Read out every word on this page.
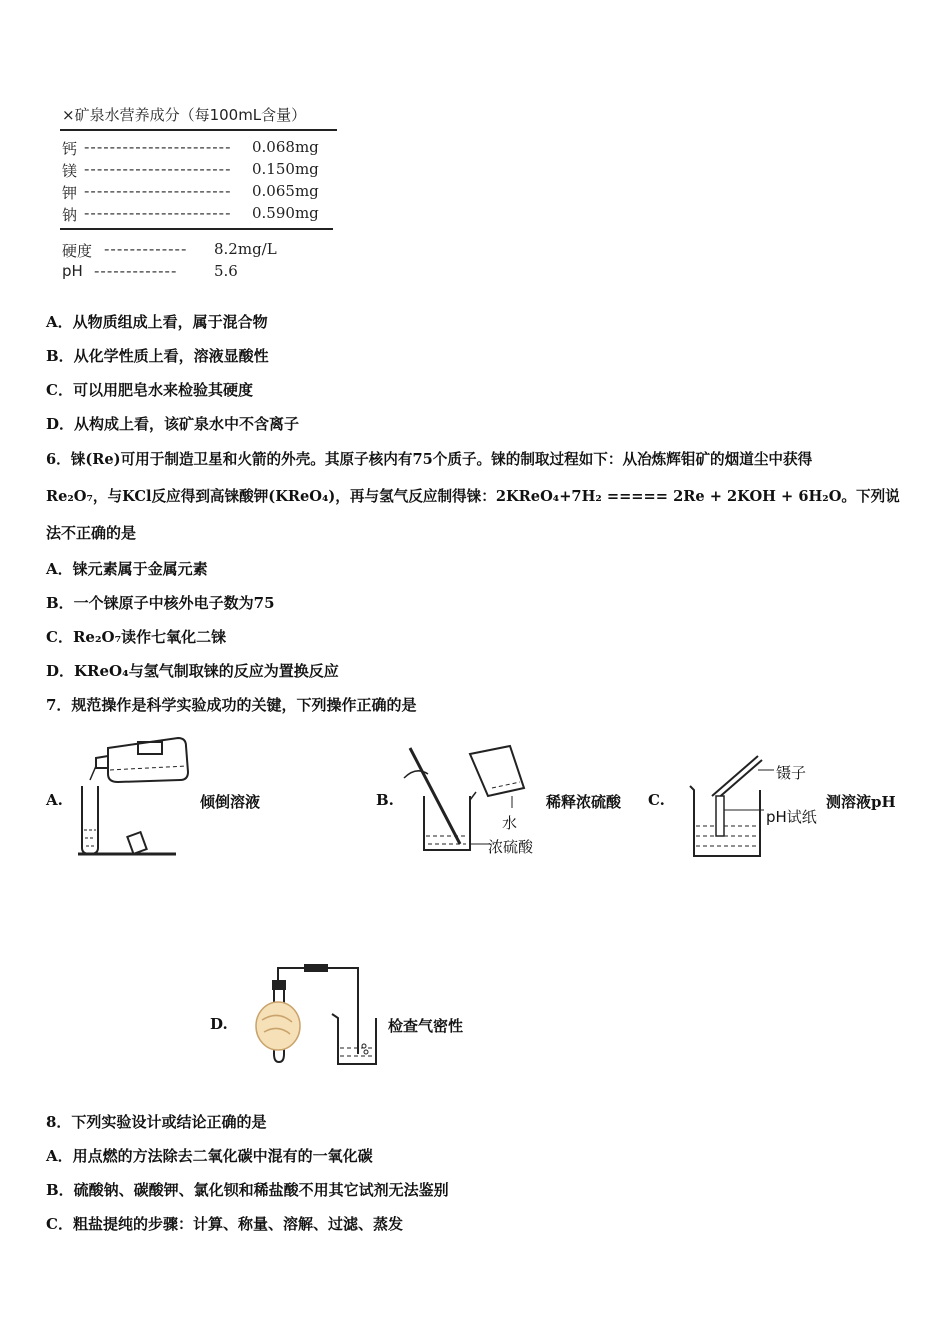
×矿泉水营养成分（每100mL含量）
钙 ----------------------- 0.068mg
镁 ----------------------- 0.150mg
钾 ----------------------- 0.065mg
钠 ----------------------- 0.590mg
硬度 ------------- 8.2mg/L
pH ------------- 5.6
A．从物质组成上看，属于混合物
B．从化学性质上看，溶液显酸性
C．可以用肥皂水来检验其硬度
D．从构成上看，该矿泉水中不含离子
6．铼(Re)可用于制造卫星和火箭的外壳。其原子核内有75个质子。铼的制取过程如下：从冶炼辉钼矿的烟道尘中获得
Re₂O₇，与KCl反应得到高铼酸钾(KReO₄)，再与氢气反应制得铼：2KReO₄+7H₂ ===== 2Re + 2KOH + 6H₂O。下列说
法不正确的是
A．铼元素属于金属元素
B．一个铼原子中核外电子数为75
C．Re₂O₇读作七氧化二铼
D．KReO₄与氢气制取铼的反应为置换反应
7．规范操作是科学实验成功的关键，下列操作正确的是
A.	倾倒溶液	B.
水
浓硫酸
稀释浓硫酸 C.
镊子
pH试纸
测溶液pH
D.	检查气密性
8．下列实验设计或结论正确的是
A．用点燃的方法除去二氧化碳中混有的一氧化碳
B．硫酸钠、碳酸钾、氯化钡和稀盐酸不用其它试剂无法鉴别
C．粗盐提纯的步骤：计算、称量、溶解、过滤、蒸发
